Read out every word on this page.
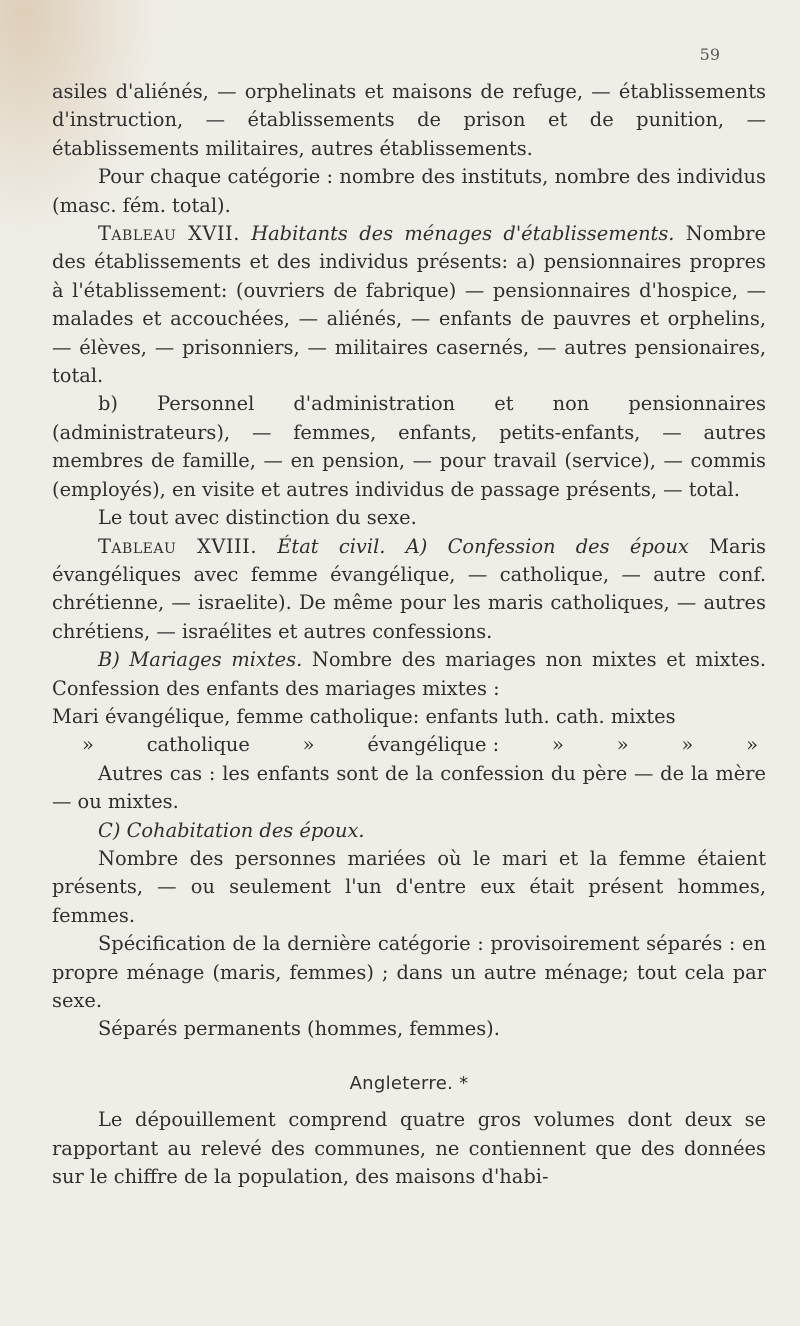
59

asiles d'aliénés, — orphelinats et maisons de refuge, — établissements d'instruction, — établissements de prison et de punition, — établissements militaires, autres établissements.

Pour chaque catégorie : nombre des instituts, nombre des individus (masc. fém. total).

Tableau XVII. Habitants des ménages d'établissements. Nombre des établissements et des individus présents: a) pensionnaires propres à l'établissement: (ouvriers de fabrique) — pensionnaires d'hospice, — malades et accouchées, — aliénés, — enfants de pauvres et orphelins, — élèves, — prisonniers, — militaires casernés, — autres pensionaires, total.

b) Personnel d'administration et non pensionnaires (administrateurs), — femmes, enfants, petits-enfants, — autres membres de famille, — en pension, — pour travail (service), — commis (employés), en visite et autres individus de passage présents, — total.

Le tout avec distinction du sexe.

Tableau XVIII. État civil. A) Confession des époux Maris évangéliques avec femme évangélique, — catholique, — autre conf. chrétienne, — israelite). De même pour les maris catholiques, — autres chrétiens, — israélites et autres confessions.

B) Mariages mixtes. Nombre des mariages non mixtes et mixtes. Confession des enfants des mariages mixtes :

Mari évangélique, femme catholique: enfants luth. cath. mixtes

»	catholique	»	évangélique :	»	»	»	»

Autres cas : les enfants sont de la confession du père — de la mère — ou mixtes.

C) Cohabitation des époux.

Nombre des personnes mariées où le mari et la femme étaient présents, — ou seulement l'un d'entre eux était présent hommes, femmes.

Spécification de la dernière catégorie : provisoirement séparés : en propre ménage (maris, femmes) ; dans un autre ménage; tout cela par sexe.

Séparés permanents (hommes, femmes).

Angleterre. *

Le dépouillement comprend quatre gros volumes dont deux se rapportant au relevé des communes, ne contiennent que des données sur le chiffre de la population, des maisons d'habi-
